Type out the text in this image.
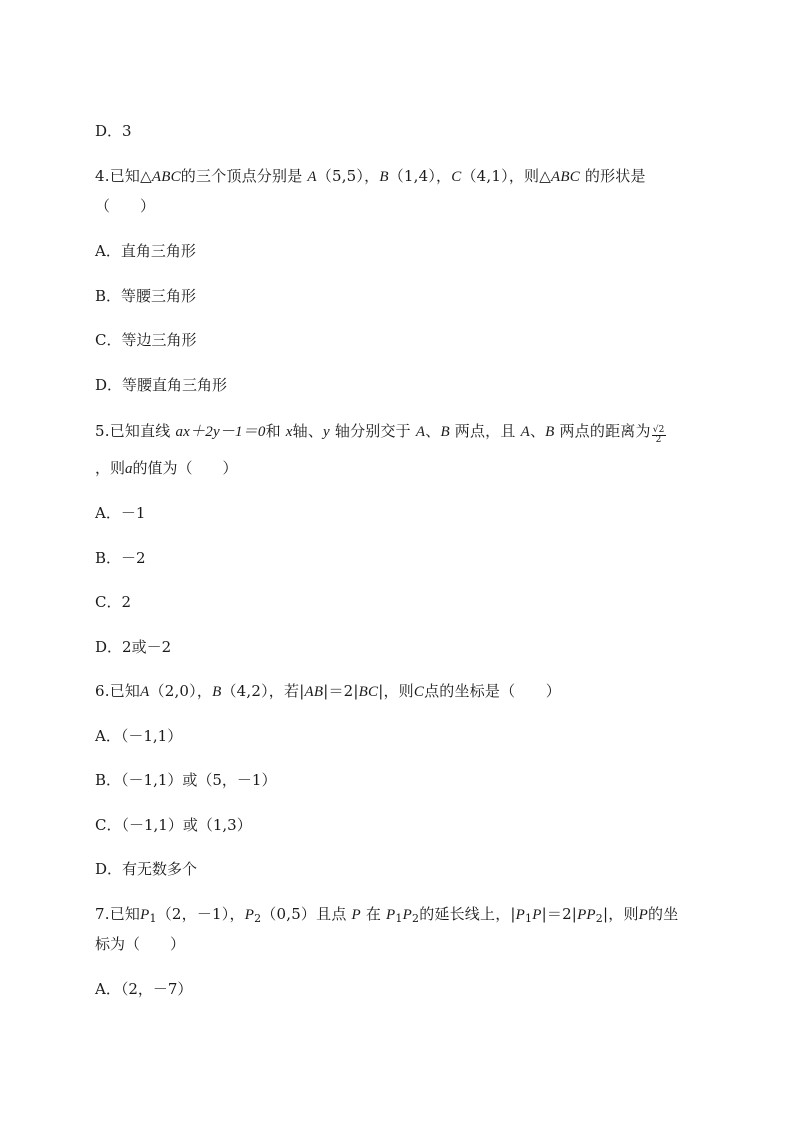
D．3
4.已知△ABC的三个顶点分别是 A（5,5），B（1,4），C（4,1），则△ABC 的形状是
（　　）
A．直角三角形
B．等腰三角形
C．等边三角形
D．等腰直角三角形
5.已知直线 ax＋2y－1＝0和 x轴、y 轴分别交于 A、B 两点，且 A、B 两点的距离为 $\frac{√2}{2}$
，则a的值为（　　）
A．－1
B．－2
C．2
D．2或－2
6.已知A（2,0），B（4,2），若|AB|＝2|BC|，则C点的坐标是（　　）
A．（－1,1）
B．（－1,1）或（5，－1）
C．（－1,1）或（1,3）
D．有无数多个
7.已知$P_1(2$，－1），$P_2(0,5)$且点 P 在 $P_1P_2$的延长线上，$|P_1P|=2|PP_2|$，则P的坐
标为（　　）
A．（2，－7）
